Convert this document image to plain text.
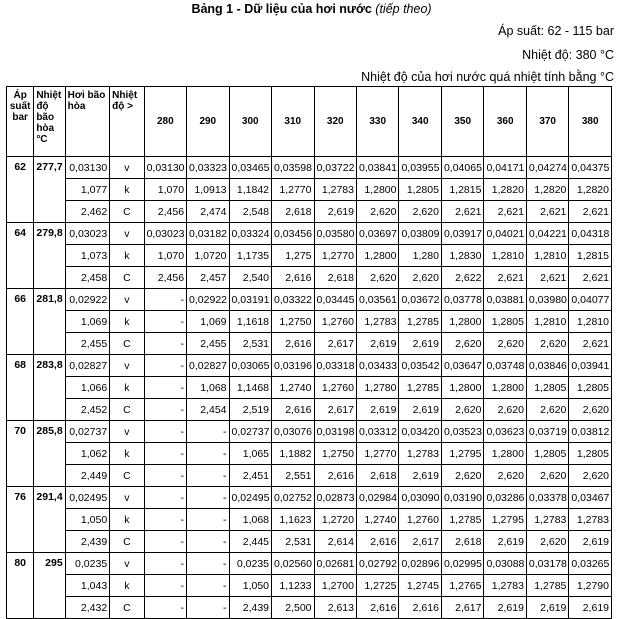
Bảng 1 - Dữ liệu của hơi nước (tiếp theo)
Áp suất: 62 - 115 bar
Nhiệt độ: 380 °C
Nhiệt độ của hơi nước quá nhiệt tính bằng °C
Áp suất bar	Nhiệt độ bão hòa °C	Hơi bão hòa	Nhiệt độ >	280	290	300	310	320	330	340	350	360	370	380
62	277,7	0,03130	v	0,03130	0,03323	0,03465	0,03598	0,03722	0,03841	0,03955	0,04065	0,04171	0,04274	0,04375
		1,077	k	1,070	1,0913	1,1842	1,2770	1,2783	1,2800	1,2805	1,2815	1,2820	1,2820	1,2820
		2,462	C	2,456	2,474	2,548	2,618	2,619	2,620	2,620	2,621	2,621	2,621	2,621
64	279,8	0,03023	v	0,03023	0,03182	0,03324	0,03456	0,03580	0,03697	0,03809	0,03917	0,04021	0,04221	0,04318
		1,073	k	1,070	1,0720	1,1735	1,275	1,2770	1,2800	1,280	1,2830	1,2810	1,2810	1,2815
		2,458	C	2,456	2,457	2,540	2,616	2,618	2,620	2,620	2,622	2,621	2,621	2,621
66	281,8	0,02922	v	-	0,02922	0,03191	0,03322	0,03445	0,03561	0,03672	0,03778	0,03881	0,03980	0,04077
		1,069	k	-	1,069	1,1618	1,2750	1,2760	1,2783	1,2785	1,2800	1,2805	1,2810	1,2810
		2,455	C	-	2,455	2,531	2,616	2,617	2,619	2,619	2,620	2,620	2,620	2,621
68	283,8	0,02827	v	-	0,02827	0,03065	0,03196	0,03318	0,03433	0,03542	0,03647	0,03748	0,03846	0,03941
		1,066	k	-	1,068	1,1468	1,2740	1,2760	1,2780	1,2785	1,2800	1,2800	1,2805	1,2805
		2,452	C	-	2,454	2,519	2,616	2,617	2,619	2,619	2,620	2,620	2,620	2,620
70	285,8	0,02737	v	-	-	0,02737	0,03076	0,03198	0,03312	0,03420	0,03523	0,03623	0,03719	0,03812
		1,062	k	-	-	1,065	1,1882	1,2750	1,2770	1,2783	1,2795	1,2800	1,2805	1,2805
		2,449	C	-	-	2,451	2,551	2,616	2,618	2,619	2,620	2,620	2,620	2,620
76	291,4	0,02495	v	-	-	0,02495	0,02752	0,02873	0,02984	0,03090	0,03190	0,03286	0,03378	0,03467
		1,050	k	-	-	1,068	1,1623	1,2720	1,2740	1,2760	1,2785	1,2795	1,2783	1,2783
		2,439	C	-	-	2,445	2,531	2,614	2,616	2,617	2,618	2,619	2,620	2,619
80	295	0,0235	v	-	-	0,0235	0,02560	0,02681	0,02792	0,02896	0,02995	0,03088	0,03178	0,03265
		1,043	k	-	-	1,050	1,1233	1,2700	1,2725	1,2745	1,2765	1,2783	1,2785	1,2790
		2,432	C	-	-	2,439	2,500	2,613	2,616	2,616	2,617	2,619	2,619	2,619
